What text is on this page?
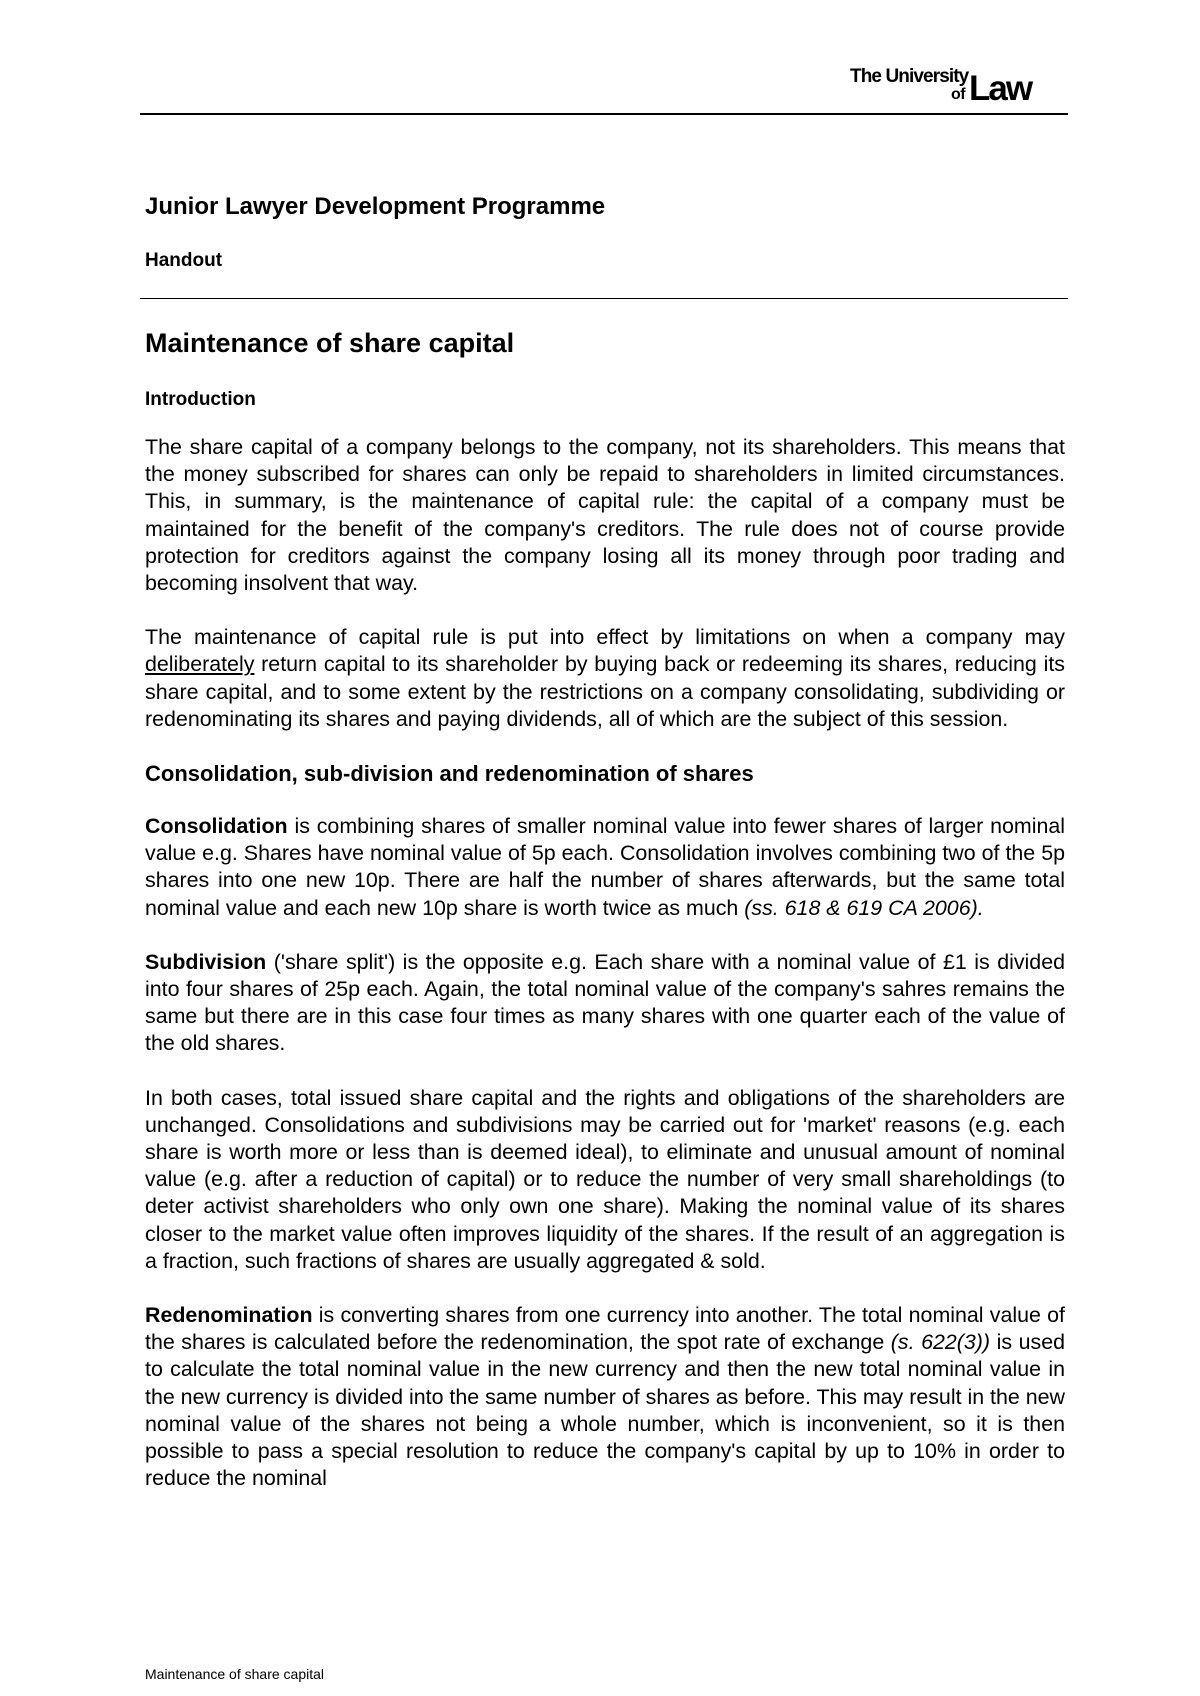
The University
of Law
Junior Lawyer Development Programme
Handout
Maintenance of share capital
Introduction

The share capital of a company belongs to the company, not its shareholders. This means that the money subscribed for shares can only be repaid to shareholders in limited circumstances. This, in summary, is the maintenance of capital rule: the capital of a company must be maintained for the benefit of the company's creditors. The rule does not of course provide protection for creditors against the company losing all its money through poor trading and becoming insolvent that way.

The maintenance of capital rule is put into effect by limitations on when a company may deliberately return capital to its shareholder by buying back or redeeming its shares, reducing its share capital, and to some extent by the restrictions on a company consolidating, subdividing or redenominating its shares and paying dividends, all of which are the subject of this session.

Consolidation, sub-division and redenomination of shares

Consolidation is combining shares of smaller nominal value into fewer shares of larger nominal value e.g. Shares have nominal value of 5p each. Consolidation involves combining two of the 5p shares into one new 10p. There are half the number of shares afterwards, but the same total nominal value and each new 10p share is worth twice as much (ss. 618 & 619 CA 2006).

Subdivision ('share split') is the opposite e.g. Each share with a nominal value of £1 is divided into four shares of 25p each. Again, the total nominal value of the company's sahres remains the same but there are in this case four times as many shares with one quarter each of the value of the old shares.

In both cases, total issued share capital and the rights and obligations of the shareholders are unchanged. Consolidations and subdivisions may be carried out for 'market' reasons (e.g. each share is worth more or less than is deemed ideal), to eliminate and unusual amount of nominal value (e.g. after a reduction of capital) or to reduce the number of very small shareholdings (to deter activist shareholders who only own one share). Making the nominal value of its shares closer to the market value often improves liquidity of the shares. If the result of an aggregation is a fraction, such fractions of shares are usually aggregated & sold.

Redenomination is converting shares from one currency into another. The total nominal value of the shares is calculated before the redenomination, the spot rate of exchange (s. 622(3)) is used to calculate the total nominal value in the new currency and then the new total nominal value in the new currency is divided into the same number of shares as before. This may result in the new nominal value of the shares not being a whole number, which is inconvenient, so it is then possible to pass a special resolution to reduce the company's capital by up to 10% in order to reduce the nominal

Maintenance of share capital
